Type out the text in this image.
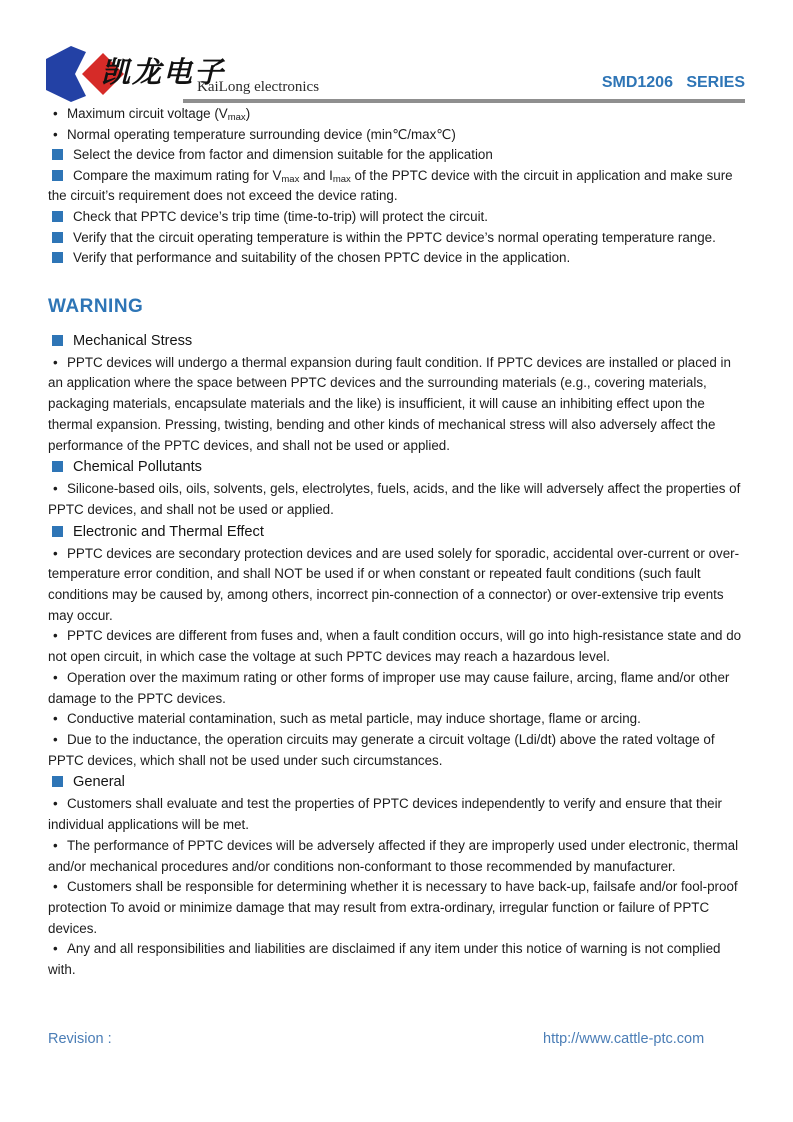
凯龙电子
KaiLong electronics	SMD1206   SERIES

• Maximum circuit voltage $(V_{max})$

• Normal operating temperature surrounding device (min℃/max℃)

Select the device from factor and dimension suitable for the application

Compare the maximum rating for $V_{max}$ and $I_{max}$ of the PPTC device with the circuit in application and make sure the circuit’s requirement does not exceed the device rating.

Check that PPTC device’s trip time (time-to-trip) will protect the circuit.

Verify that the circuit operating temperature is within the PPTC device’s normal operating temperature range.

Verify that performance and suitability of the chosen PPTC device in the application.

WARNING

Mechanical Stress

• PPTC devices will undergo a thermal expansion during fault condition. If PPTC devices are installed or placed in an application where the space between PPTC devices and the surrounding materials (e.g., covering materials, packaging materials, encapsulate materials and the like) is insufficient, it will cause an inhibiting effect upon the thermal expansion. Pressing, twisting, bending and other kinds of mechanical stress will also adversely affect the performance of the PPTC devices, and shall not be used or applied.

Chemical Pollutants

• Silicone-based oils, oils, solvents, gels, electrolytes, fuels, acids, and the like will adversely affect the properties of PPTC devices, and shall not be used or applied.

Electronic and Thermal Effect

• PPTC devices are secondary protection devices and are used solely for sporadic, accidental over-current or over-temperature error condition, and shall NOT be used if or when constant or repeated fault conditions (such fault conditions may be caused by, among others, incorrect pin-connection of a connector) or over-extensive trip events may occur.

• PPTC devices are different from fuses and, when a fault condition occurs, will go into high-resistance state and do not open circuit, in which case the voltage at such PPTC devices may reach a hazardous level.

• Operation over the maximum rating or other forms of improper use may cause failure, arcing, flame and/or other damage to the PPTC devices.

• Conductive material contamination, such as metal particle, may induce shortage, flame or arcing.

• Due to the inductance, the operation circuits may generate a circuit voltage (Ldi/dt) above the rated voltage of PPTC devices, which shall not be used under such circumstances.

General

• Customers shall evaluate and test the properties of PPTC devices independently to verify and ensure that their individual applications will be met.

• The performance of PPTC devices will be adversely affected if they are improperly used under electronic, thermal and/or mechanical procedures and/or conditions non-conformant to those recommended by manufacturer.

• Customers shall be responsible for determining whether it is necessary to have back-up, failsafe and/or fool-proof protection To avoid or minimize damage that may result from extra-ordinary, irregular function or failure of PPTC devices.

• Any and all responsibilities and liabilities are disclaimed if any item under this notice of warning is not complied with.

Revision :	http://www.cattle-ptc.com
